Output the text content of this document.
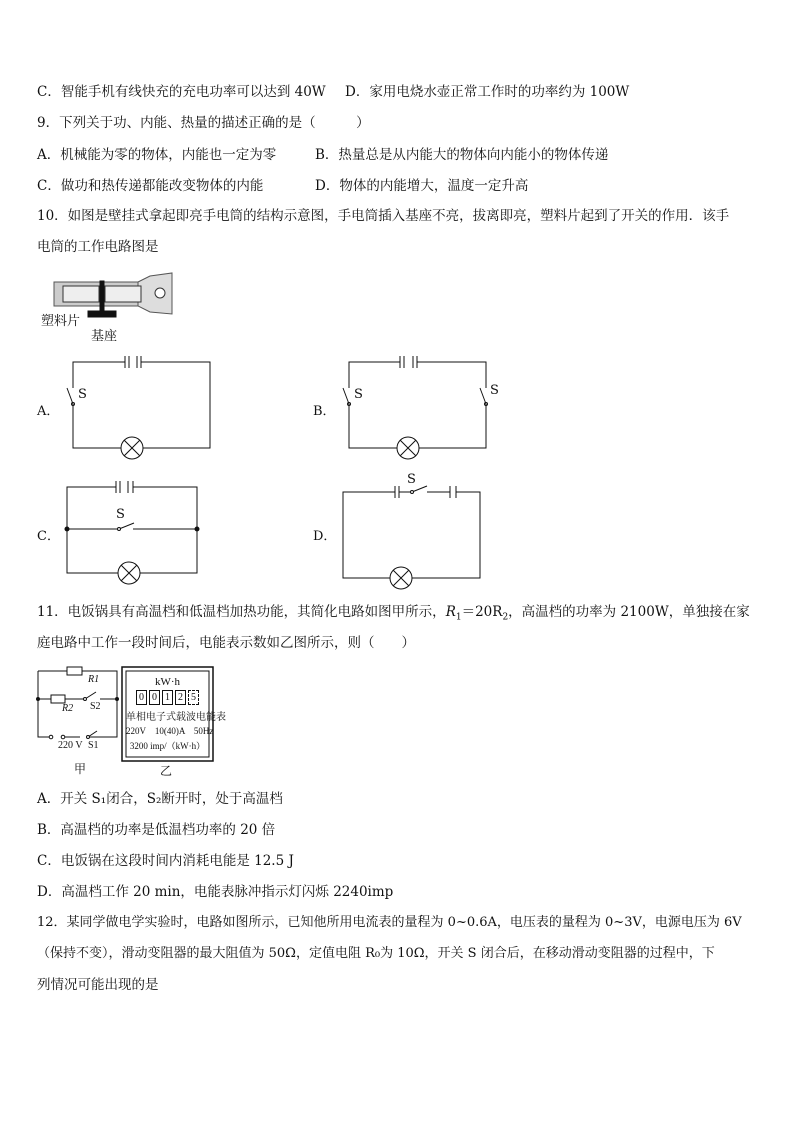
C．智能手机有线快充的充电功率可以达到 40W D．家用电烧水壶正常工作时的功率约为 100W
9．下列关于功、内能、热量的描述正确的是（　　　）
A．机械能为零的物体，内能也一定为零	B．热量总是从内能大的物体向内能小的物体传递
C．做功和热传递都能改变物体的内能	D．物体的内能增大，温度一定升高
10．如图是壁挂式拿起即亮手电筒的结构示意图，手电筒插入基座不亮，拔离即亮，塑料片起到了开关的作用．该手
电筒的工作电路图是
塑料片
基座
A．	B．
C．	D．
S	S	S
S
S
11．电饭锅具有高温档和低温档加热功能，其简化电路如图甲所示，$R_1=20R_2$，高温档的功率为 2100W，单独接在家
庭电路中工作一段时间后，电能表示数如乙图所示，则（　　）
R1
R2 S2
220 V S1
甲
kW·h
0 0 1 2 5
单相电子式载波电能表
220V　10(40)A　50Hz
3200 imp/（kW·h）
乙
A．开关 S₁闭合，S₂断开时，处于高温档
B．高温档的功率是低温档功率的 20 倍
C．电饭锅在这段时间内消耗电能是 12.5 J
D．高温档工作 20 min，电能表脉冲指示灯闪烁 2240imp
12．某同学做电学实验时，电路如图所示，已知他所用电流表的量程为 0~0.6A，电压表的量程为 0~3V，电源电压为 6V
（保持不变），滑动变阻器的最大阻值为 50Ω，定值电阻 R₀为 10Ω，开关 S 闭合后，在移动滑动变阻器的过程中，下
列情况可能出现的是
